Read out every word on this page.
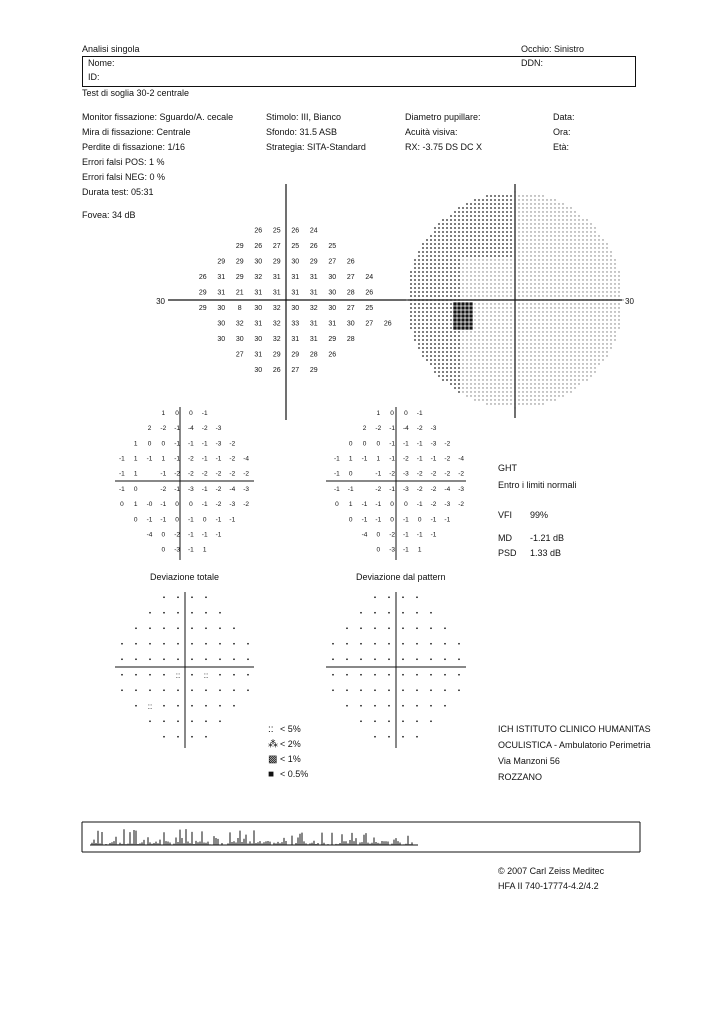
Analisi singola	Occhio: Sinistro
Nome:	DDN:
ID:
Test di soglia 30-2 centrale
Monitor fissazione: Sguardo/A. cecale
Mira di fissazione: Centrale
Perdite di fissazione: 1/16
Errori falsi POS: 1 %
Errori falsi NEG: 0 %
Durata test: 05:31
Fovea: 34 dB
Stimolo: III, Bianco
Sfondo: 31.5 ASB
Strategia: SITA-Standard
Diametro pupillare:
Acuità visiva:
RX: -3.75 DS DC X
Data:
Ora:
Età:
GHT
Entro i limiti normali
VFI 99%
MD -1.21 dB
PSD 1.33 dB
Deviazione totale	Deviazione dal pattern
:: < 5%
⁂ < 2%
▩ < 1%
■ < 0.5%
ICH ISTITUTO CLINICO HUMANITAS
OCULISTICA - Ambulatorio Perimetria
Via Manzoni 56
ROZZANO
© 2007 Carl Zeiss Meditec
HFA II 740-17774-4.2/4.2
30	30
26 25 26 24
29 26 27 25 26 25
29 29 30 29 30 29 27 26
26 31 29 32 31 31 31 30 27 24
29 31 21 31 31 31 31 30 28 26
29 30 8 30 32 30 32 30 27 25
30 32 31 32 33 31 31 30 27 26
30 30 30 32 31 31 29 28
27 31 29 29 28 26
30 26 27 29
1 0 0 -1
2 -2 -1 -4 -2 -3
1 0 0 -1 -1 -1 -3 -2
-1 1 -1 1 -1 -2 -1 -1 -2 -4
-1 1	-1 -2 -2 -2 -2 -2 -2
-1 0	-2 -1 -3 -1 -2 -4 -3
0 1 -0 -1 0 0 -1 -2 -3 -2
0 -1 -1 0 -1 0 -1 -1
-4 0 -2 -1 -1 -1
0 -3 -1 1
1 0 0 -1
2 -2 -1 -4 -2 -3
0 0 0 -1 -1 -1 -3 -2
-1 1 -1 1 -1 -2 -1 -1 -2 -4
-1 0	-1 -2 -3 -2 -2 -2 -2
-1 -1	-2 -1 -3 -2 -2 -4 -3
0 1 -1 -1 0 0 -1 -2 -3 -2
0 -1 -1 0 -1 0 -1 -1
-4 0 -2 -1 -1 -1
0 -3 -1 1
::	::
::
